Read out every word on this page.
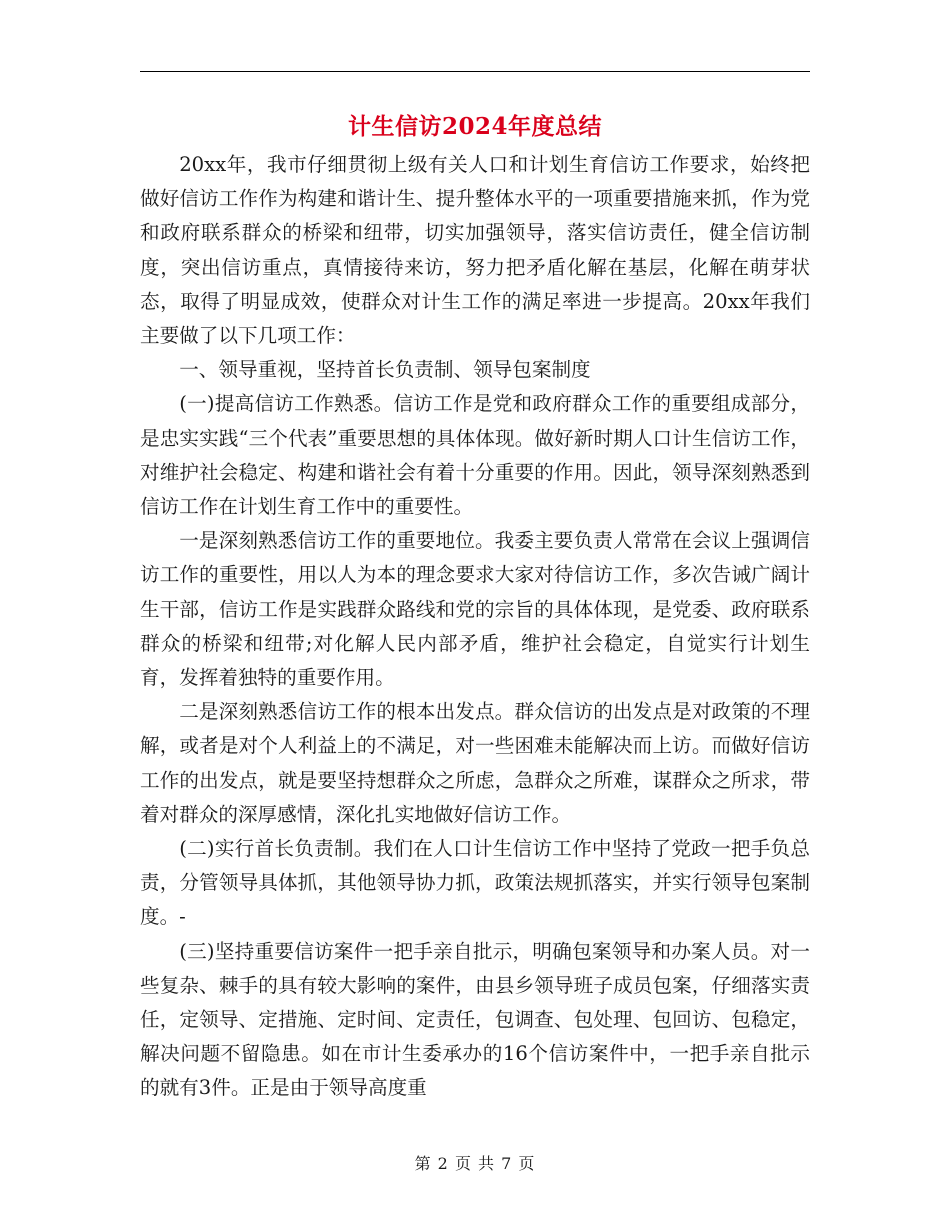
计生信访2024年度总结

20xx年，我市仔细贯彻上级有关人口和计划生育信访工作要求，始终把做好信访工作作为构建和谐计生、提升整体水平的一项重要措施来抓，作为党和政府联系群众的桥梁和纽带，切实加强领导，落实信访责任，健全信访制度，突出信访重点，真情接待来访，努力把矛盾化解在基层，化解在萌芽状态，取得了明显成效，使群众对计生工作的满足率进一步提高。20xx年我们主要做了以下几项工作：

一、领导重视，坚持首长负责制、领导包案制度

(一)提高信访工作熟悉。信访工作是党和政府群众工作的重要组成部分，是忠实实践“三个代表”重要思想的具体体现。做好新时期人口计生信访工作，对维护社会稳定、构建和谐社会有着十分重要的作用。因此，领导深刻熟悉到信访工作在计划生育工作中的重要性。

一是深刻熟悉信访工作的重要地位。我委主要负责人常常在会议上强调信访工作的重要性，用以人为本的理念要求大家对待信访工作，多次告诫广阔计生干部，信访工作是实践群众路线和党的宗旨的具体体现，是党委、政府联系群众的桥梁和纽带;对化解人民内部矛盾，维护社会稳定，自觉实行计划生育，发挥着独特的重要作用。

二是深刻熟悉信访工作的根本出发点。群众信访的出发点是对政策的不理解，或者是对个人利益上的不满足，对一些困难未能解决而上访。而做好信访工作的出发点，就是要坚持想群众之所虑，急群众之所难，谋群众之所求，带着对群众的深厚感情，深化扎实地做好信访工作。

(二)实行首长负责制。我们在人口计生信访工作中坚持了党政一把手负总责，分管领导具体抓，其他领导协力抓，政策法规抓落实，并实行领导包案制度。-

(三)坚持重要信访案件一把手亲自批示，明确包案领导和办案人员。对一些复杂、棘手的具有较大影响的案件，由县乡领导班子成员包案，仔细落实责任，定领导、定措施、定时间、定责任，包调查、包处理、包回访、包稳定，解决问题不留隐患。如在市计生委承办的16个信访案件中，一把手亲自批示的就有3件。正是由于领导高度重

第 2 页 共 7 页
